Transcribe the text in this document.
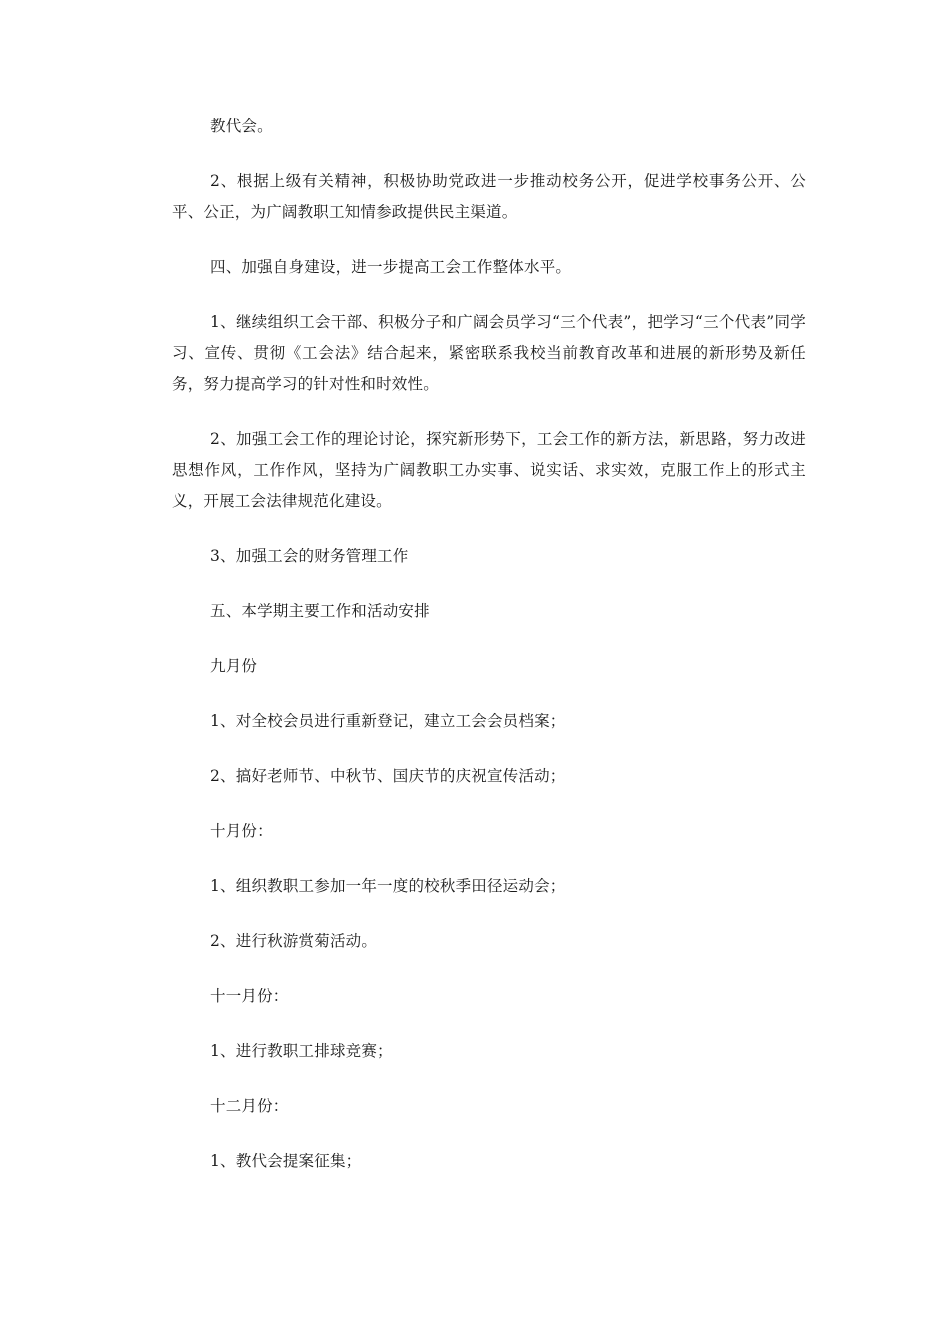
教代会。

2、根据上级有关精神，积极协助党政进一步推动校务公开，促进学校事务公开、公平、公正，为广阔教职工知情参政提供民主渠道。

四、加强自身建设，进一步提高工会工作整体水平。

1、继续组织工会干部、积极分子和广阔会员学习“三个代表”，把学习“三个代表”同学习、宣传、贯彻《工会法》结合起来，紧密联系我校当前教育改革和进展的新形势及新任务，努力提高学习的针对性和时效性。

2、加强工会工作的理论讨论，探究新形势下，工会工作的新方法，新思路，努力改进思想作风，工作作风，坚持为广阔教职工办实事、说实话、求实效，克服工作上的形式主义，开展工会法律规范化建设。

3、加强工会的财务管理工作

五、本学期主要工作和活动安排

九月份

1、对全校会员进行重新登记，建立工会会员档案；

2、搞好老师节、中秋节、国庆节的庆祝宣传活动；

十月份：

1、组织教职工参加一年一度的校秋季田径运动会；

2、进行秋游赏菊活动。

十一月份：

1、进行教职工排球竞赛；

十二月份：

1、教代会提案征集；
